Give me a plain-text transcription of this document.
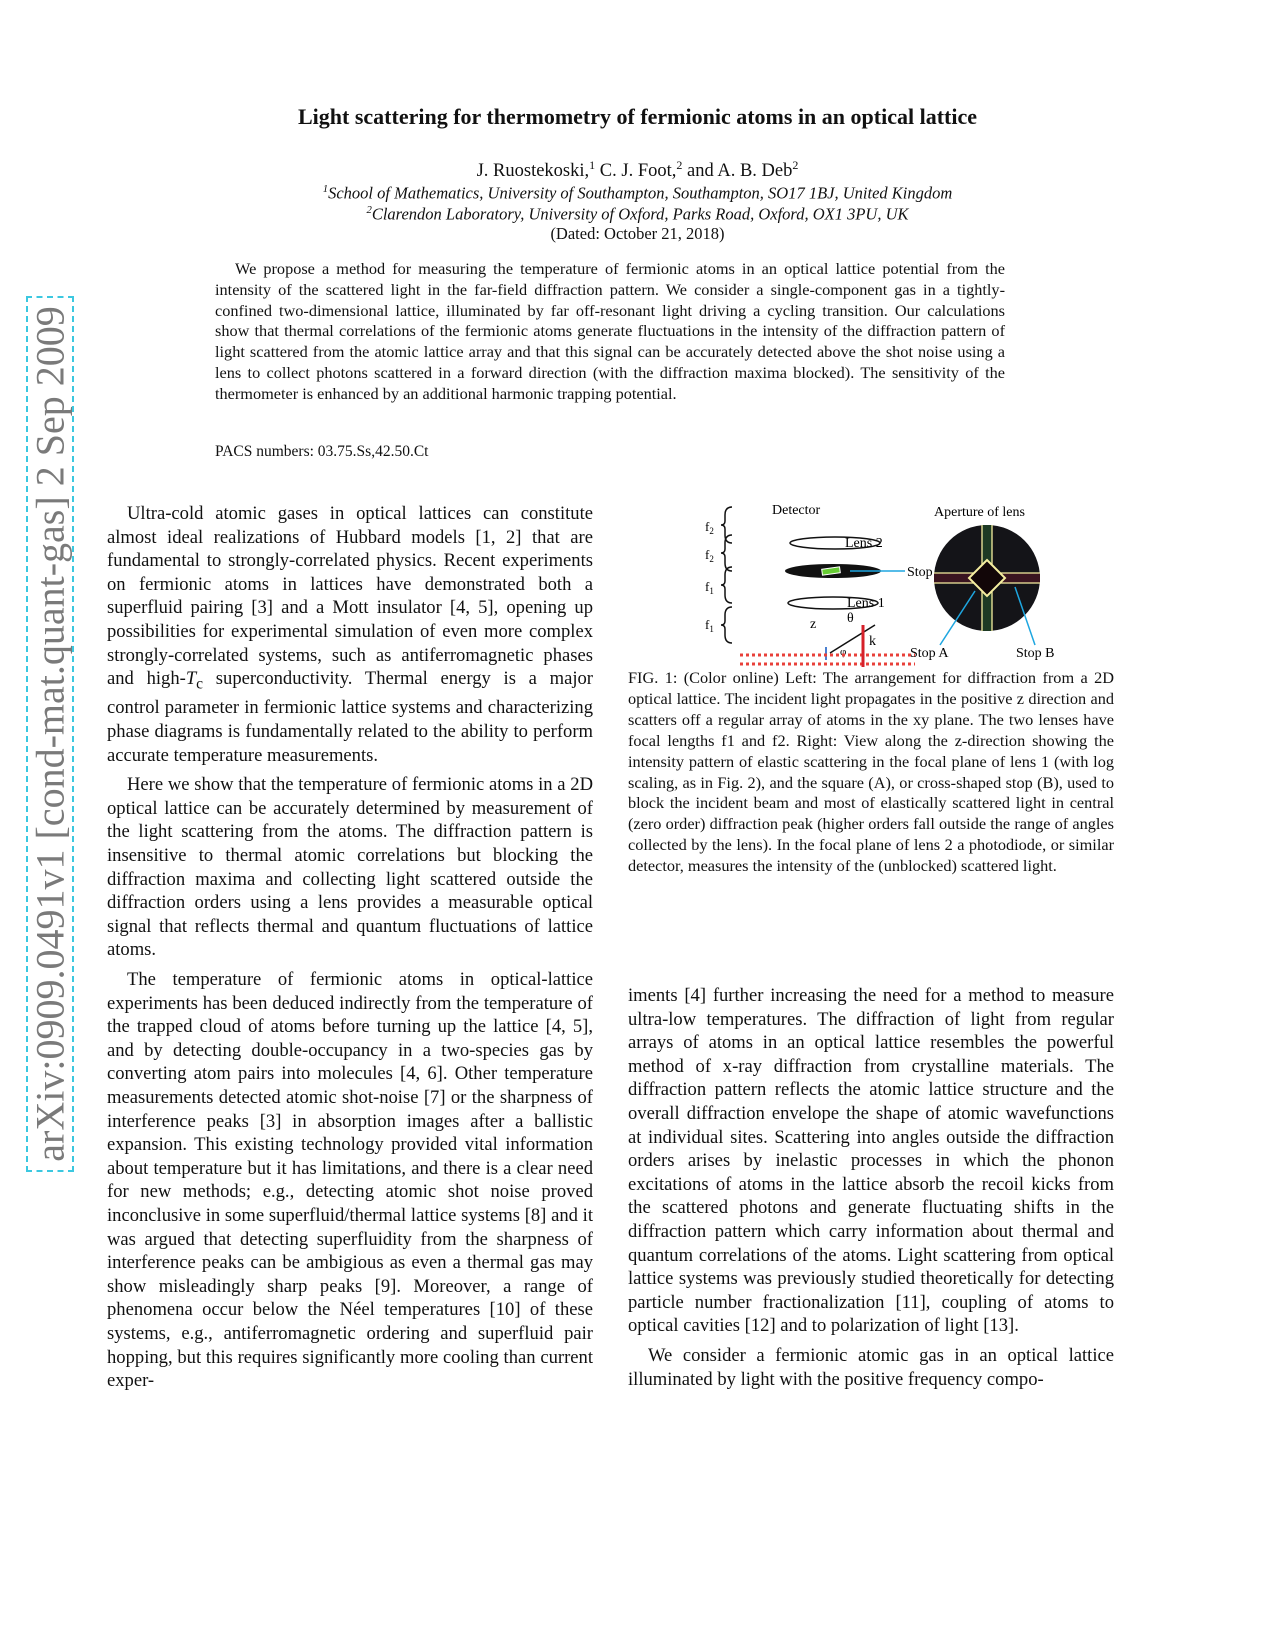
arXiv:0909.0491v1 [cond-mat.quant-gas] 2 Sep 2009
Light scattering for thermometry of fermionic atoms in an optical lattice
J. Ruostekoski,$^1$ C. J. Foot,$^2$ and A. B. Deb$^2$
$^1$School of Mathematics, University of Southampton, Southampton, SO17 1BJ, United Kingdom
$^2$Clarendon Laboratory, University of Oxford, Parks Road, Oxford, OX1 3PU, UK
(Dated: October 21, 2018)
We propose a method for measuring the temperature of fermionic atoms in an optical lattice potential from the intensity of the scattered light in the far-field diffraction pattern. We consider a single-component gas in a tightly-confined two-dimensional lattice, illuminated by far off-resonant light driving a cycling transition. Our calculations show that thermal correlations of the fermionic atoms generate fluctuations in the intensity of the diffraction pattern of light scattered from the atomic lattice array and that this signal can be accurately detected above the shot noise using a lens to collect photons scattered in a forward direction (with the diffraction maxima blocked). The sensitivity of the thermometer is enhanced by an additional harmonic trapping potential.
PACS numbers: 03.75.Ss,42.50.Ct

Ultra-cold atomic gases in optical lattices can constitute almost ideal realizations of Hubbard models [1, 2] that are fundamental to strongly-correlated physics. Recent experiments on fermionic atoms in lattices have demonstrated both a superfluid pairing [3] and a Mott insulator [4, 5], opening up possibilities for experimental simulation of even more complex strongly-correlated systems, such as antiferromagnetic phases and high-$T_c$ superconductivity. Thermal energy is a major control parameter in fermionic lattice systems and characterizing phase diagrams is fundamentally related to the ability to perform accurate temperature measurements.

Here we show that the temperature of fermionic atoms in a 2D optical lattice can be accurately determined by measurement of the light scattering from the atoms. The diffraction pattern is insensitive to thermal atomic correlations but blocking the diffraction maxima and collecting light scattered outside the diffraction orders using a lens provides a measurable optical signal that reflects thermal and quantum fluctuations of lattice atoms.

The temperature of fermionic atoms in optical-lattice experiments has been deduced indirectly from the temperature of the trapped cloud of atoms before turning up the lattice [4, 5], and by detecting double-occupancy in a two-species gas by converting atom pairs into molecules [4, 6]. Other temperature measurements detected atomic shot-noise [7] or the sharpness of interference peaks [3] in absorption images after a ballistic expansion. This existing technology provided vital information about temperature but it has limitations, and there is a clear need for new methods; e.g., detecting atomic shot noise proved inconclusive in some superfluid/thermal lattice systems [8] and it was argued that detecting superfluidity from the sharpness of interference peaks can be ambigious as even a thermal gas may show misleadingly sharp peaks [9]. Moreover, a range of phenomena occur below the Néel temperatures [10] of these systems, e.g., antiferromagnetic ordering and superfluid pair hopping, but this requires significantly more cooling than current exper-

Detector
$f_2$
$f_2$
$f_1$
$f_1$
Lens 2
Stop
Lens 1
z θ
φ
k
Aperture of lens
Stop A	Stop B
FIG. 1: (Color online) Left: The arrangement for diffraction from a 2D optical lattice. The incident light propagates in the positive z direction and scatters off a regular array of atoms in the xy plane. The two lenses have focal lengths f1 and f2. Right: View along the z-direction showing the intensity pattern of elastic scattering in the focal plane of lens 1 (with log scaling, as in Fig. 2), and the square (A), or cross-shaped stop (B), used to block the incident beam and most of elastically scattered light in central (zero order) diffraction peak (higher orders fall outside the range of angles collected by the lens). In the focal plane of lens 2 a photodiode, or similar detector, measures the intensity of the (unblocked) scattered light.

iments [4] further increasing the need for a method to measure ultra-low temperatures. The diffraction of light from regular arrays of atoms in an optical lattice resembles the powerful method of x-ray diffraction from crystalline materials. The diffraction pattern reflects the atomic lattice structure and the overall diffraction envelope the shape of atomic wavefunctions at individual sites. Scattering into angles outside the diffraction orders arises by inelastic processes in which the phonon excitations of atoms in the lattice absorb the recoil kicks from the scattered photons and generate fluctuating shifts in the diffraction pattern which carry information about thermal and quantum correlations of the atoms. Light scattering from optical lattice systems was previously studied theoretically for detecting particle number fractionalization [11], coupling of atoms to optical cavities [12] and to polarization of light [13].

We consider a fermionic atomic gas in an optical lattice illuminated by light with the positive frequency compo-
